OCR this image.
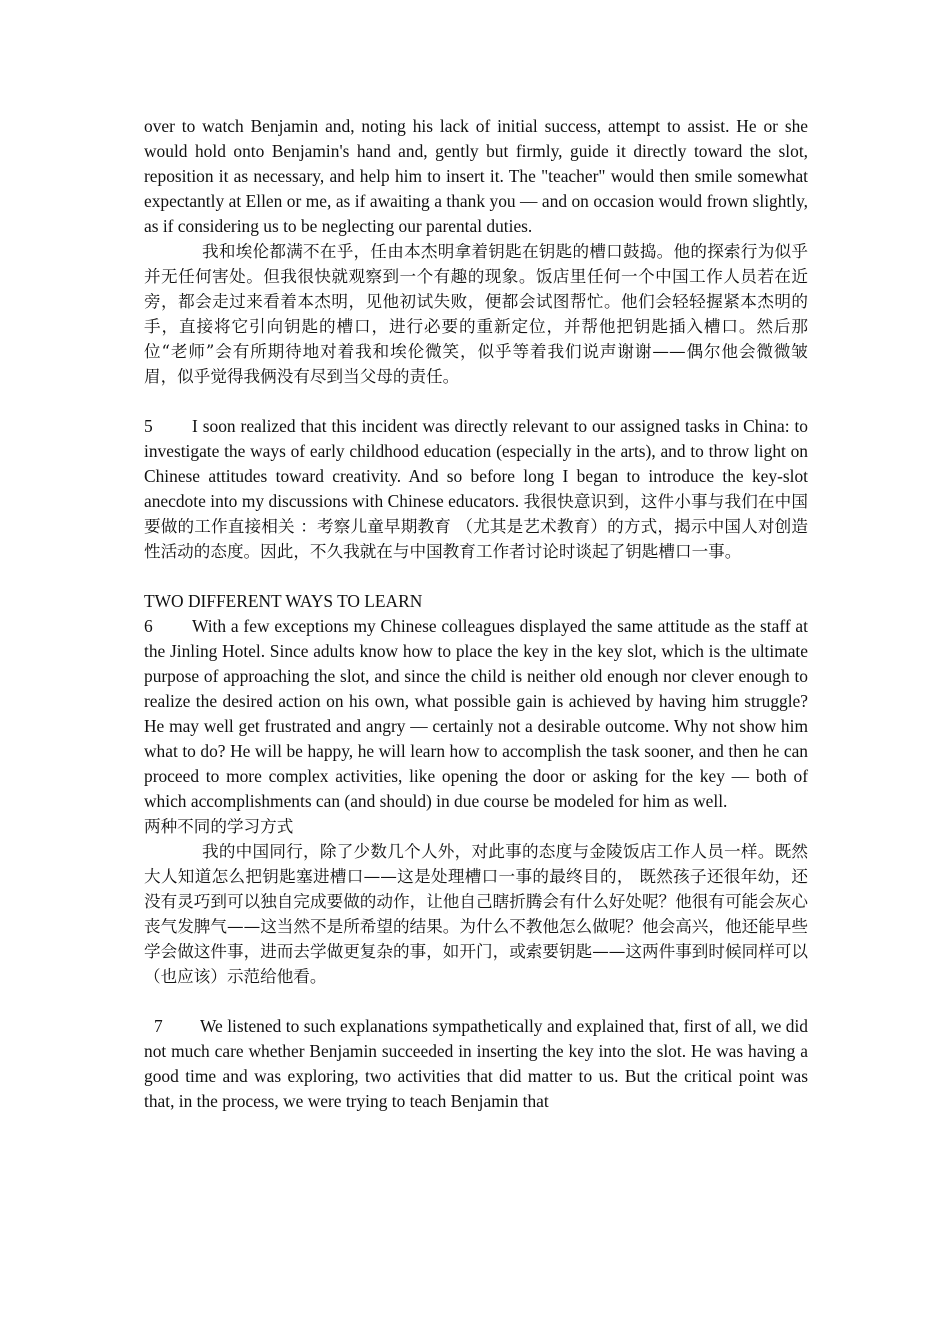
over to watch Benjamin and, noting his lack of initial success, attempt to assist. He or she would hold onto Benjamin's hand and, gently but firmly, guide it directly toward the slot, reposition it as necessary, and help him to insert it. The "teacher" would then smile somewhat expectantly at Ellen or me, as if awaiting a thank you — and on occasion would frown slightly, as if considering us to be neglecting our parental duties.

我和埃伦都满不在乎，任由本杰明拿着钥匙在钥匙的槽口鼓捣。他的探索行为似乎并无任何害处。但我很快就观察到一个有趣的现象。饭店里任何一个中国工作人员若在近旁，都会走过来看着本杰明，见他初试失败，便都会试图帮忙。他们会轻轻握紧本杰明的手，直接将它引向钥匙的槽口，进行必要的重新定位，并帮他把钥匙插入槽口。然后那位“老师”会有所期待地对着我和埃伦微笑，似乎等着我们说声谢谢——偶尔他会微微皱眉，似乎觉得我俩没有尽到当父母的责任。

5 I soon realized that this incident was directly relevant to our assigned tasks in China: to investigate the ways of early childhood education (especially in the arts), and to throw light on Chinese attitudes toward creativity. And so before long I began to introduce the key-slot anecdote into my discussions with Chinese educators. 我很快意识到，这件小事与我们在中国要做的工作直接相关 ：考察儿童早期教育 （尤其是艺术教育）的方式，揭示中国人对创造性活动的态度。因此，不久我就在与中国教育工作者讨论时谈起了钥匙槽口一事。

TWO DIFFERENT WAYS TO LEARN

6 With a few exceptions my Chinese colleagues displayed the same attitude as the staff at the Jinling Hotel. Since adults know how to place the key in the key slot, which is the ultimate purpose of approaching the slot, and since the child is neither old enough nor clever enough to realize the desired action on his own, what possible gain is achieved by having him struggle? He may well get frustrated and angry — certainly not a desirable outcome. Why not show him what to do? He will be happy, he will learn how to accomplish the task sooner, and then he can proceed to more complex activities, like opening the door or asking for the key — both of which accomplishments can (and should) in due course be modeled for him as well.

两种不同的学习方式

我的中国同行，除了少数几个人外，对此事的态度与金陵饭店工作人员一样。既然大人知道怎么把钥匙塞进槽口——这是处理槽口一事的最终目的， 既然孩子还很年幼，还没有灵巧到可以独自完成要做的动作，让他自己瞎折腾会有什么好处呢？他很有可能会灰心丧气发脾气——这当然不是所希望的结果。为什么不教他怎么做呢？他会高兴，他还能早些学会做这件事，进而去学做更复杂的事，如开门，或索要钥匙——这两件事到时候同样可以 （也应该）示范给他看。

7 We listened to such explanations sympathetically and explained that, first of all, we did not much care whether Benjamin succeeded in inserting the key into the slot. He was having a good time and was exploring, two activities that did matter to us. But the critical point was that, in the process, we were trying to teach Benjamin that
